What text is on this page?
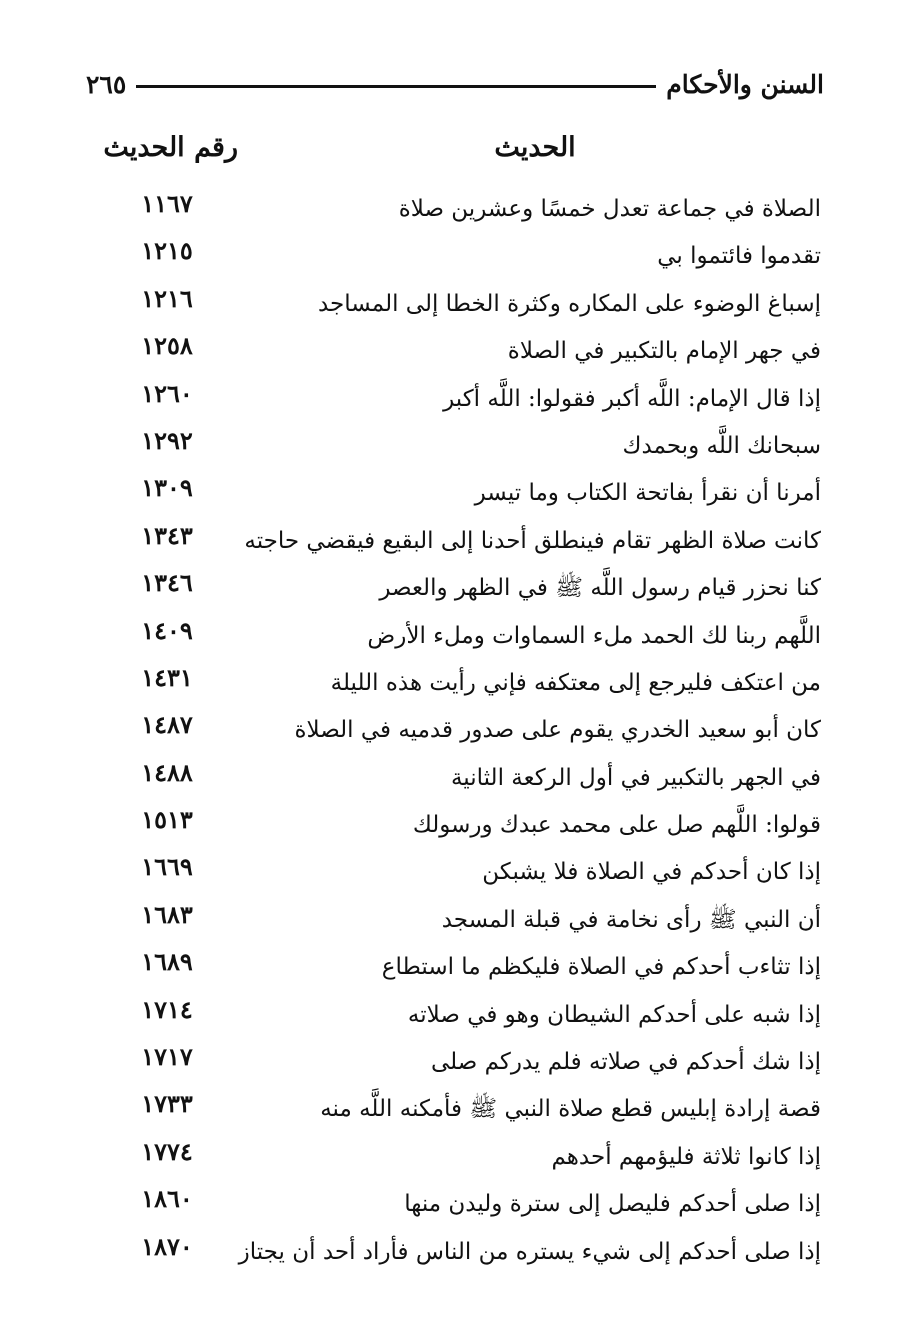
السنن والأحكام
٢٦٥
الحديث
رقم الحديث
الصلاة في جماعة تعدل خمسًا وعشرين صلاة
١١٦٧
تقدموا فائتموا بي
١٢١٥
إسباغ الوضوء على المكاره وكثرة الخطا إلى المساجد
١٢١٦
في جهر الإمام بالتكبير في الصلاة
١٢٥٨
إذا قال الإمام: اللَّه أكبر فقولوا: اللَّه أكبر
١٢٦٠
سبحانك اللَّه وبحمدك
١٢٩٢
أمرنا أن نقرأ بفاتحة الكتاب وما تيسر
١٣٠٩
كانت صلاة الظهر تقام فينطلق أحدنا إلى البقيع فيقضي حاجته
١٣٤٣
كنا نحزر قيام رسول اللَّه ﷺ في الظهر والعصر
١٣٤٦
اللَّهم ربنا لك الحمد ملء السماوات وملء الأرض
١٤٠٩
من اعتكف فليرجع إلى معتكفه فإني رأيت هذه الليلة
١٤٣١
كان أبو سعيد الخدري يقوم على صدور قدميه في الصلاة
١٤٨٧
في الجهر بالتكبير في أول الركعة الثانية
١٤٨٨
قولوا: اللَّهم صل على محمد عبدك ورسولك
١٥١٣
إذا كان أحدكم في الصلاة فلا يشبكن
١٦٦٩
أن النبي ﷺ رأى نخامة في قبلة المسجد
١٦٨٣
إذا تثاءب أحدكم في الصلاة فليكظم ما استطاع
١٦٨٩
إذا شبه على أحدكم الشيطان وهو في صلاته
١٧١٤
إذا شك أحدكم في صلاته فلم يدركم صلى
١٧١٧
قصة إرادة إبليس قطع صلاة النبي ﷺ فأمكنه اللَّه منه
١٧٣٣
إذا كانوا ثلاثة فليؤمهم أحدهم
١٧٧٤
إذا صلى أحدكم فليصل إلى سترة وليدن منها
١٨٦٠
إذا صلى أحدكم إلى شيء يستره من الناس فأراد أحد أن يجتاز
١٨٧٠
